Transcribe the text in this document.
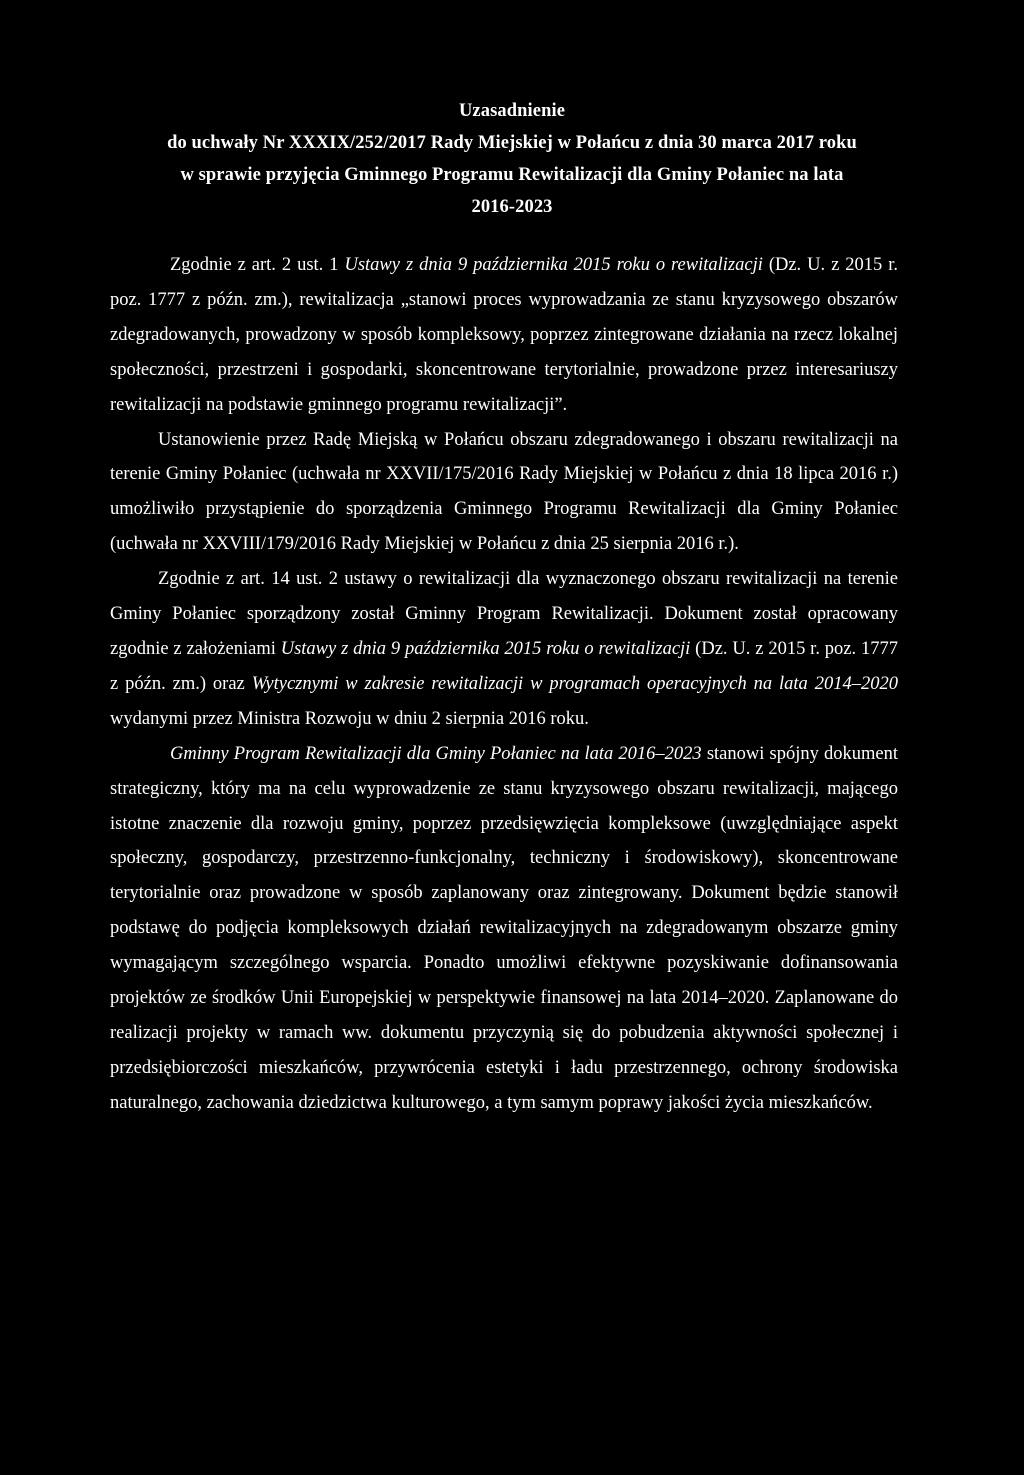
Uzasadnienie
do uchwały Nr XXXIX/252/2017 Rady Miejskiej w Połańcu z dnia 30 marca 2017 roku
w sprawie przyjęcia Gminnego Programu Rewitalizacji dla Gminy Połaniec na lata
2016-2023

Zgodnie z art. 2 ust. 1 Ustawy z dnia 9 października 2015 roku o rewitalizacji (Dz. U. z 2015 r. poz. 1777 z późn. zm.), rewitalizacja „stanowi proces wyprowadzania ze stanu kryzysowego obszarów zdegradowanych, prowadzony w sposób kompleksowy, poprzez zintegrowane działania na rzecz lokalnej społeczności, przestrzeni i gospodarki, skoncentrowane terytorialnie, prowadzone przez interesariuszy rewitalizacji na podstawie gminnego programu rewitalizacji”.

Ustanowienie przez Radę Miejską w Połańcu obszaru zdegradowanego i obszaru rewitalizacji na terenie Gminy Połaniec (uchwała nr XXVII/175/2016 Rady Miejskiej w Połańcu z dnia 18 lipca 2016 r.) umożliwiło przystąpienie do sporządzenia Gminnego Programu Rewitalizacji dla Gminy Połaniec (uchwała nr XXVIII/179/2016 Rady Miejskiej w Połańcu z dnia 25 sierpnia 2016 r.).

Zgodnie z art. 14 ust. 2 ustawy o rewitalizacji dla wyznaczonego obszaru rewitalizacji na terenie Gminy Połaniec sporządzony został Gminny Program Rewitalizacji. Dokument został opracowany zgodnie z założeniami Ustawy z dnia 9 października 2015 roku o rewitalizacji (Dz. U. z 2015 r. poz. 1777 z późn. zm.) oraz Wytycznymi w zakresie rewitalizacji w programach operacyjnych na lata 2014–2020 wydanymi przez Ministra Rozwoju w dniu 2 sierpnia 2016 roku.

Gminny Program Rewitalizacji dla Gminy Połaniec na lata 2016–2023 stanowi spójny dokument strategiczny, który ma na celu wyprowadzenie ze stanu kryzysowego obszaru rewitalizacji, mającego istotne znaczenie dla rozwoju gminy, poprzez przedsięwzięcia kompleksowe (uwzględniające aspekt społeczny, gospodarczy, przestrzenno-funkcjonalny, techniczny i środowiskowy), skoncentrowane terytorialnie oraz prowadzone w sposób zaplanowany oraz zintegrowany. Dokument będzie stanowił podstawę do podjęcia kompleksowych działań rewitalizacyjnych na zdegradowanym obszarze gminy wymagającym szczególnego wsparcia. Ponadto umożliwi efektywne pozyskiwanie dofinansowania projektów ze środków Unii Europejskiej w perspektywie finansowej na lata 2014–2020. Zaplanowane do realizacji projekty w ramach ww. dokumentu przyczynią się do pobudzenia aktywności społecznej i przedsiębiorczości mieszkańców, przywrócenia estetyki i ładu przestrzennego, ochrony środowiska naturalnego, zachowania dziedzictwa kulturowego, a tym samym poprawy jakości życia mieszkańców.
